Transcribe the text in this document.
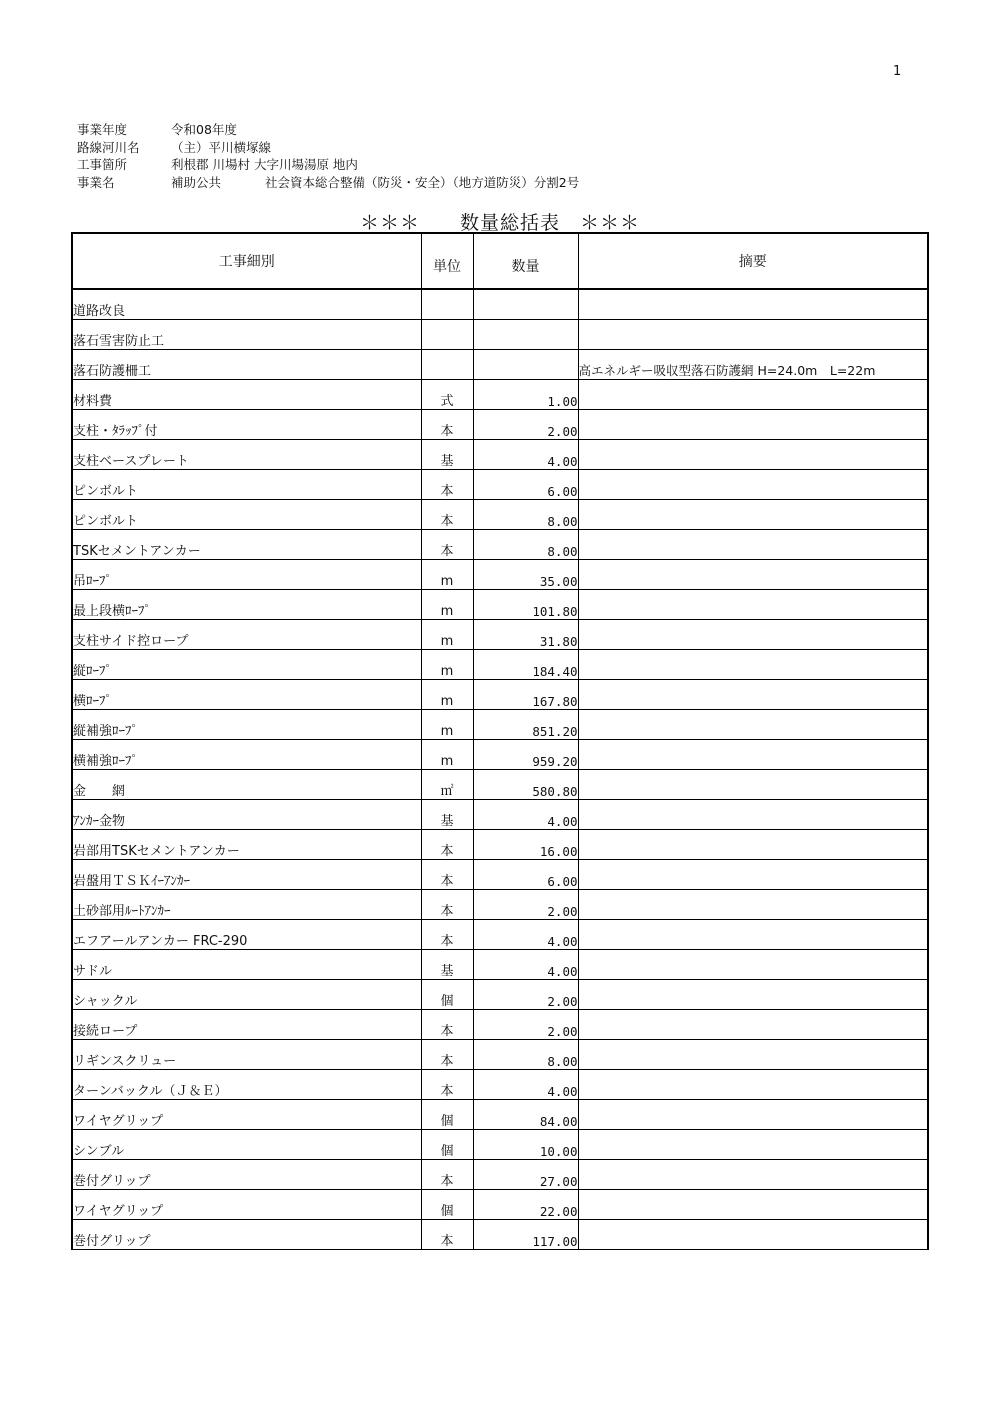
1
事業年度	令和08年度
路線河川名	（主）平川横塚線
工事箇所	利根郡 川場村 大字川場湯原 地内
事業名	補助公共	社会資本総合整備（防災・安全）（地方道防災）分割2号
＊＊＊　　数量総括表　＊＊＊
工事細別	単位	数量	摘要
道路改良			
落石雪害防止工			
落石防護柵工			高エネルギー吸収型落石防護網 H=24.0m　L=22m
材料費	式	1.00	
支柱・ﾀﾗｯﾌﾟ付	本	2.00	
支柱ベースプレート	基	4.00	
ピンボルト	本	6.00	
ピンボルト	本	8.00	
TSKセメントアンカー	本	8.00	
吊ﾛｰﾌﾟ	m	35.00	
最上段横ﾛｰﾌﾟ	m	101.80	
支柱サイド控ロープ	m	31.80	
縦ﾛｰﾌﾟ	m	184.40	
横ﾛｰﾌﾟ	m	167.80	
縦補強ﾛｰﾌﾟ	m	851.20	
横補強ﾛｰﾌﾟ	m	959.20	
金　　網	㎡	580.80	
ｱﾝｶｰ金物	基	4.00	
岩部用TSKセメントアンカー	本	16.00	
岩盤用ＴＳＫｲｰｱﾝｶｰ	本	6.00	
土砂部用ﾙｰﾄｱﾝｶｰ	本	2.00	
エフアールアンカー FRC-290	本	4.00	
サドル	基	4.00	
シャックル	個	2.00	
接続ロープ	本	2.00	
リギンスクリュー	本	8.00	
ターンバックル（Ｊ＆Ｅ）	本	4.00	
ワイヤグリップ	個	84.00	
シンブル	個	10.00	
巻付グリップ	本	27.00	
ワイヤグリップ	個	22.00	
巻付グリップ	本	117.00	
